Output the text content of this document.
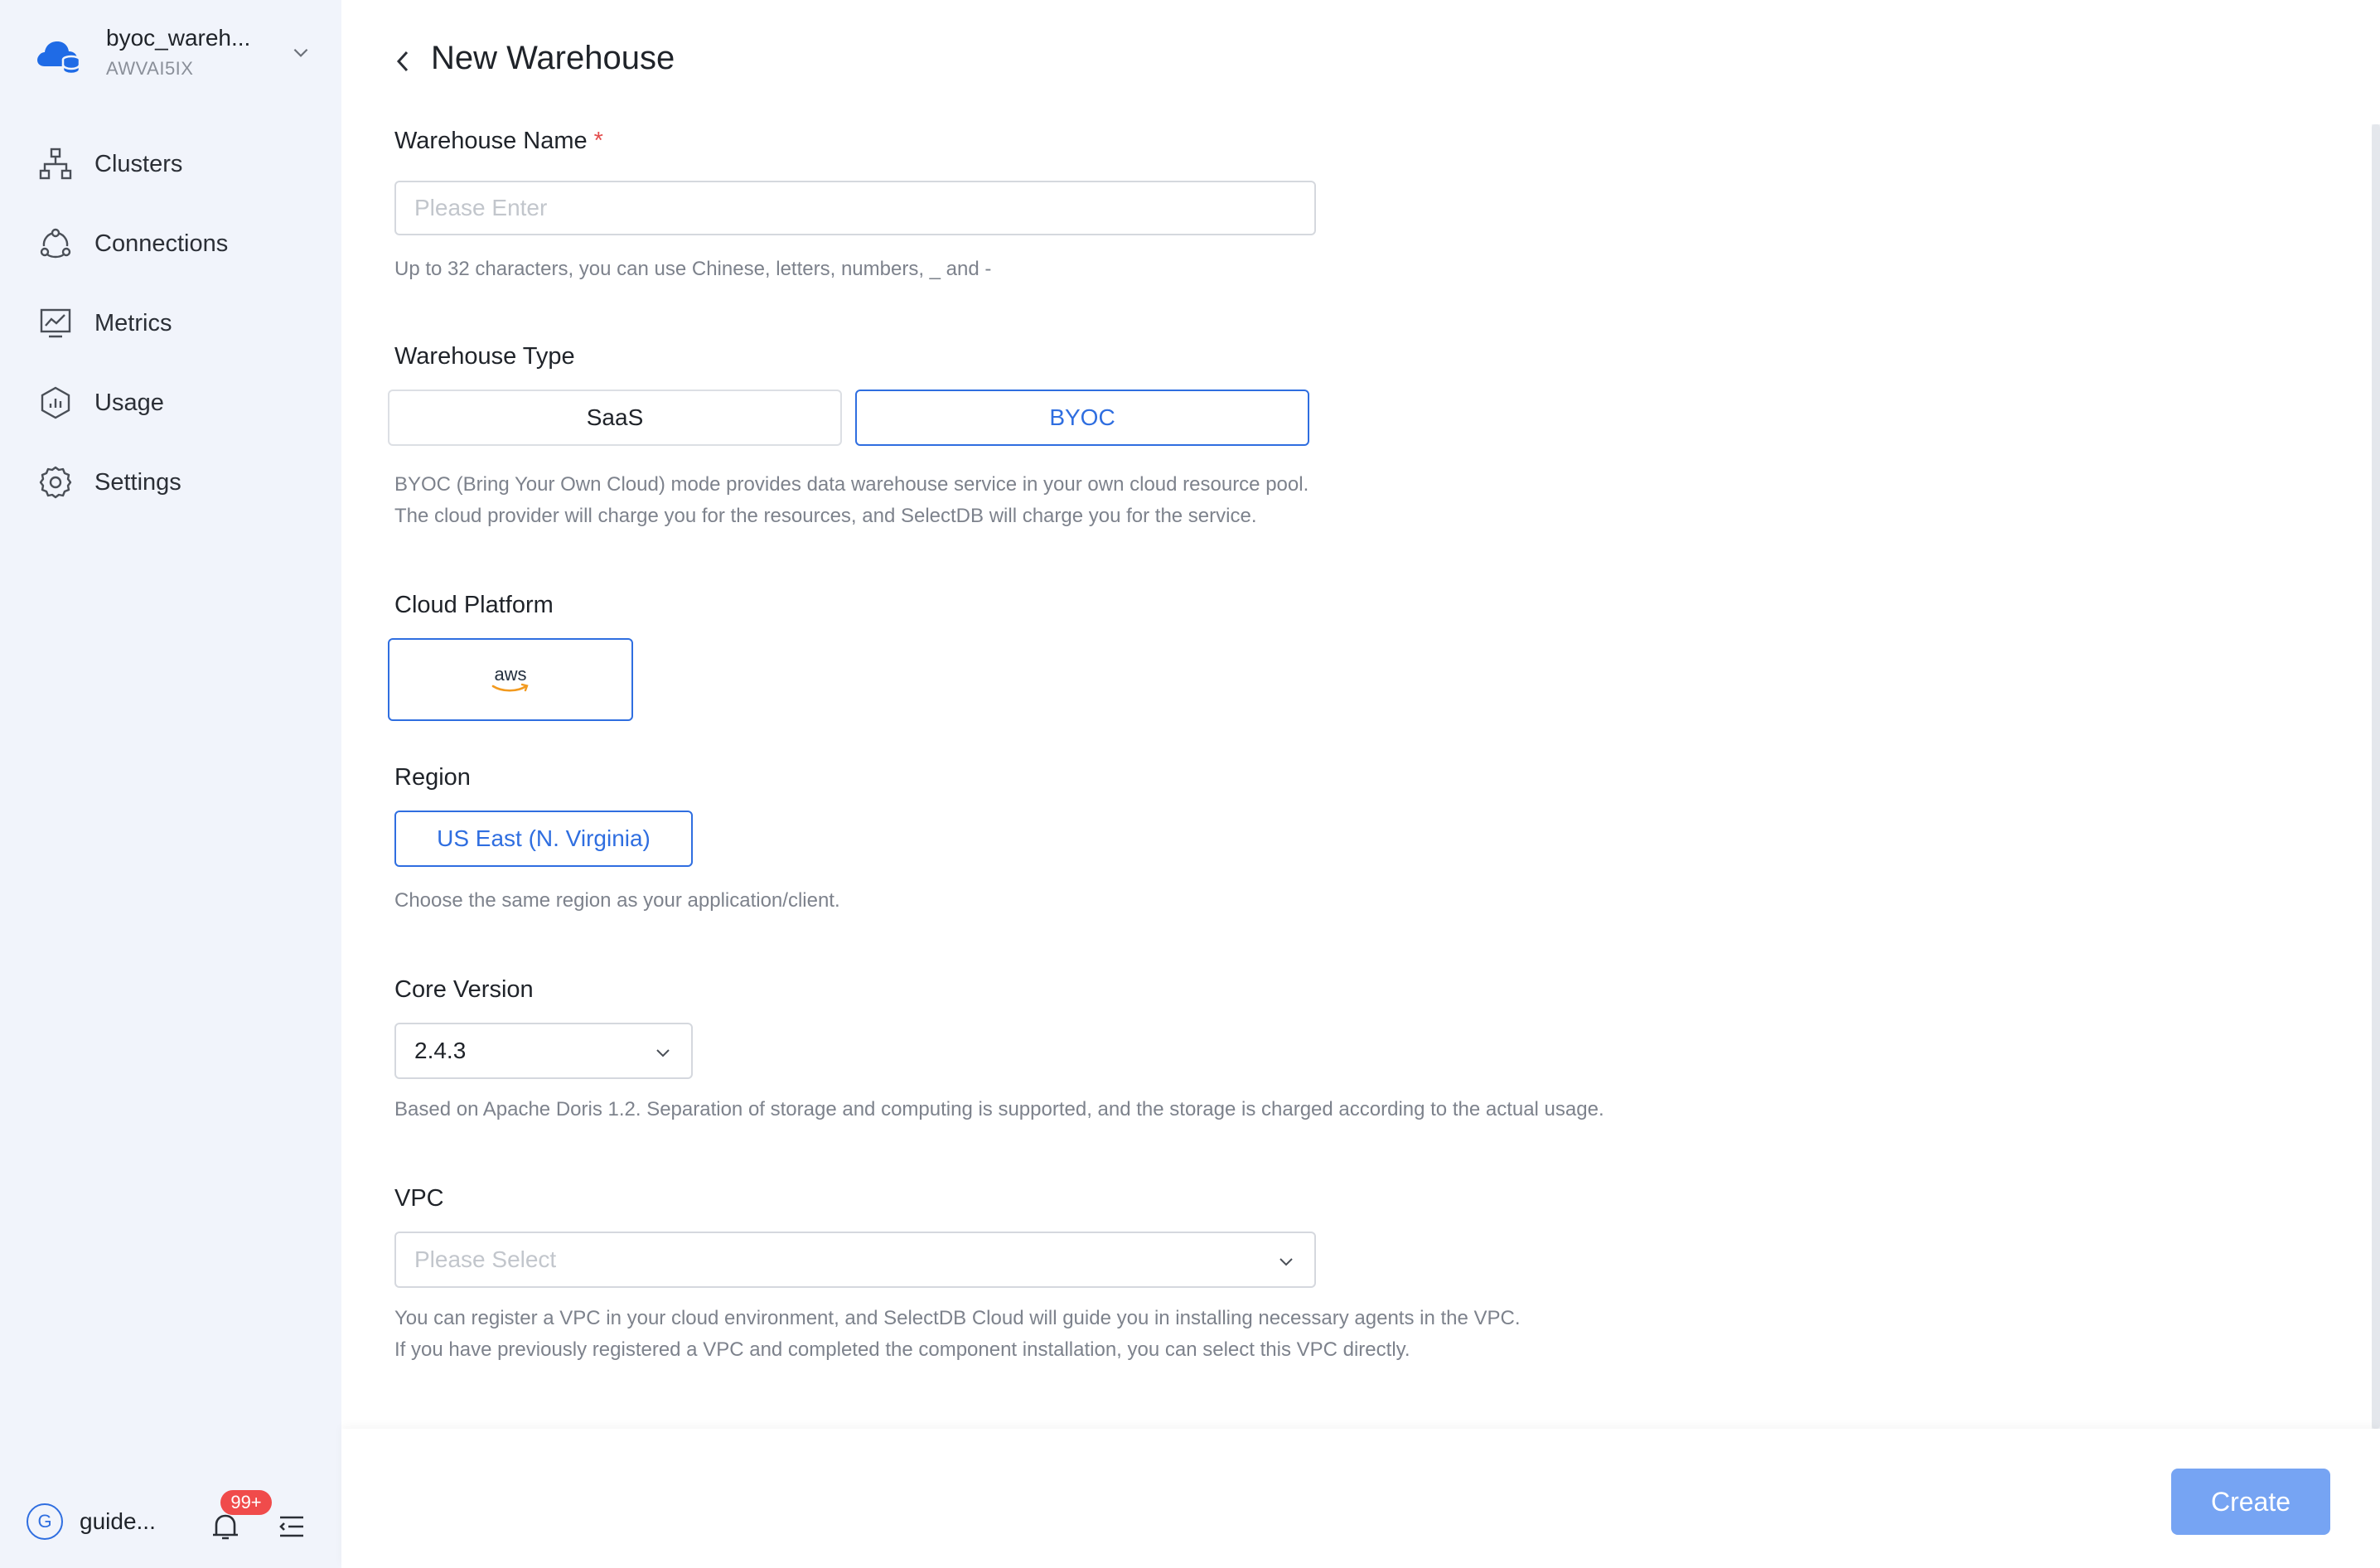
byoc_wareh...
AWVAI5IX
Clusters
Connections
Metrics
Usage
Settings
G	guide...
99+
New Warehouse
Warehouse Name *
Please Enter
Up to 32 characters, you can use Chinese, letters, numbers, _ and -
Warehouse Type
SaaS	BYOC
BYOC (Bring Your Own Cloud) mode provides data warehouse service in your own cloud resource pool.
The cloud provider will charge you for the resources, and SelectDB will charge you for the service.
Cloud Platform
aws
Region
US East (N. Virginia)
Choose the same region as your application/client.
Core Version
2.4.3
Based on Apache Doris 1.2. Separation of storage and computing is supported, and the storage is charged according to the actual usage.
VPC
Please Select
You can register a VPC in your cloud environment, and SelectDB Cloud will guide you in installing necessary agents in the VPC.
If you have previously registered a VPC and completed the component installation, you can select this VPC directly.
Create
